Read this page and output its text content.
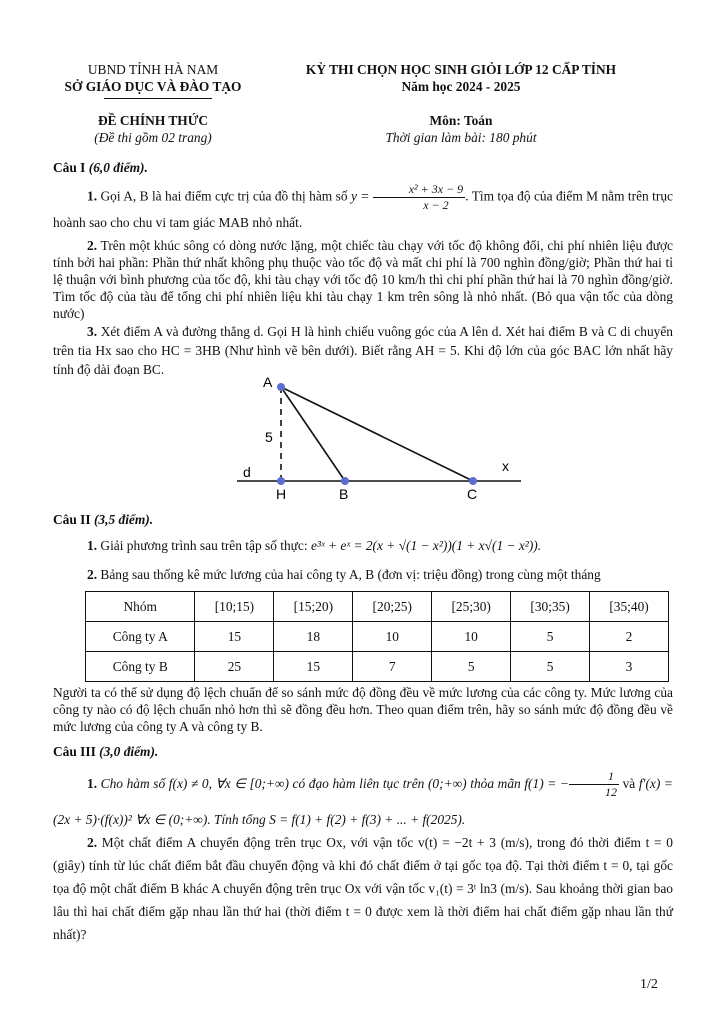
UBND TỈNH HÀ NAM
SỞ GIÁO DỤC VÀ ĐÀO TẠO
KỲ THI CHỌN HỌC SINH GIỎI LỚP 12 CẤP TỈNH
Năm học 2024 - 2025
ĐỀ CHÍNH THỨC
(Đề thi gồm 02 trang)
Môn: Toán
Thời gian làm bài: 180 phút
Câu I (6,0 điểm).
1. Gọi A, B là hai điểm cực trị của đồ thị hàm số $y = \frac{\text{x² + 3x − 9}}{x - 2}$ . Tìm tọa độ của điểm M nằm trên trục hoành sao cho chu vi tam giác MAB nhỏ nhất.
2. Trên một khúc sông có dòng nước lặng, một chiếc tàu chạy với tốc độ không đổi, chi phí nhiên liệu được tính bởi hai phần: Phần thứ nhất không phụ thuộc vào tốc độ và mất chi phí là 700 nghìn đồng/giờ; Phần thứ hai tỉ lệ thuận với bình phương của tốc độ, khi tàu chạy với tốc độ 10 km/h thì chi phí phần thứ hai là 70 nghìn đồng/giờ. Tìm tốc độ của tàu để tổng chi phí nhiên liệu khi tàu chạy 1 km trên sông là nhỏ nhất. (Bỏ qua vận tốc của dòng nước)
3. Xét điểm A và đường thẳng d. Gọi H là hình chiếu vuông góc của A lên d. Xét hai điểm B và C di chuyển trên tia Hx sao cho HC = 3HB (Như hình vẽ bên dưới). Biết rằng AH = 5. Khi độ lớn của góc BAC lớn nhất hãy tính độ dài đoạn BC.
A
5
d	x
H	B	C
Câu II (3,5 điểm).
1. Giải phương trình sau trên tập số thực: e³ˣ + eˣ = 2(x + √(1 − x²))(1 + x√(1 − x²)).
2. Bảng sau thống kê mức lương của hai công ty A, B (đơn vị: triệu đồng) trong cùng một tháng
Nhóm	[10;15)	[15;20)	[20;25)	[25;30)	[30;35)	[35;40)
Công ty A	15	18	10	10	5	2
Công ty B	25	15	7	5	5	3
Người ta có thể sử dụng độ lệch chuẩn để so sánh mức độ đồng đều về mức lương của các công ty. Mức lương của công ty nào có độ lệch chuẩn nhỏ hơn thì sẽ đồng đều hơn. Theo quan điểm trên, hãy so sánh mức độ đồng đều về mức lương của công ty A và công ty B.
Câu III (3,0 điểm).
1. Cho hàm số f(x) ≠ 0, ∀x ∈ [0;+∞) có đạo hàm liên tục trên (0;+∞) thỏa mãn f(1) = − $\frac{1}{12}$ và f′(x) = (2x + 5)·(f(x))² ∀x ∈ (0;+∞). Tính tổng S = f(1) + f(2) + f(3) + ... + f(2025).
2. Một chất điểm A chuyển động trên trục Ox, với vận tốc v(t) = −2t + 3 (m/s), trong đó thời điểm t = 0 (giây) tính từ lúc chất điểm bắt đầu chuyển động và khi đó chất điểm ở tại gốc tọa độ. Tại thời điểm t = 0, tại gốc tọa độ một chất điểm B khác A chuyển động trên trục Ox với vận tốc v₁(t) = 3ᵗ ln3 (m/s). Sau khoảng thời gian bao lâu thì hai chất điểm gặp nhau lần thứ hai (thời điểm t = 0 được xem là thời điểm hai chất điểm gặp nhau lần thứ nhất)?
1/2
